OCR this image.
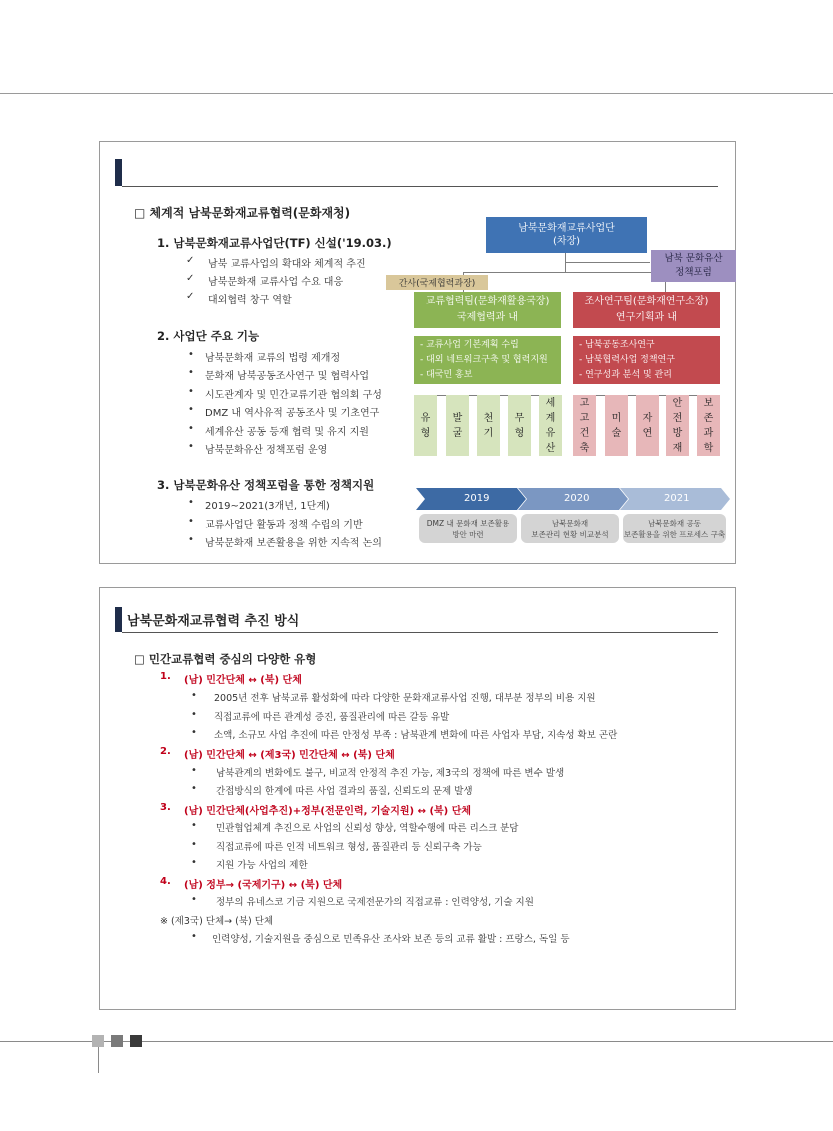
□ 체계적 남북문화재교류협력(문화재청)
1. 남북문화재교류사업단(TF) 신설('19.03.)
✓ 남북 교류사업의 확대와 체계적 추진
✓ 남북문화재 교류사업 수요 대응
✓ 대외협력 창구 역할
2. 사업단 주요 기능
• 남북문화재 교류의 법령 제개정
• 문화재 남북공동조사연구 및 협력사업
• 시도관계자 및 민간교류기관 협의회 구성
• DMZ 내 역사유적 공동조사 및 기초연구
• 세계유산 공동 등재 협력 및 유지 지원
• 남북문화유산 정책포럼 운영
3. 남북문화유산 정책포럼을 통한 정책지원
• 2019~2021(3개년, 1단계)
• 교류사업단 활동과 정책 수립의 기반
• 남북문화재 보존활용을 위한 지속적 논의
남북문화재교류사업단
(차장)
남북 문화유산
정책포럼
간사(국제협력과장)
교류협력팀(문화재활용국장)
국제협력과 내
조사연구팀(문화재연구소장)
연구기획과 내
- 교류사업 기본계획 수립
- 대외 네트워크구축 및 협력지원
- 대국민 홍보
- 남북공동조사연구
- 남북협력사업 정책연구
- 연구성과 분석 및 관리
유
형
발
굴
천
기
무
형
세
계
유
산
고
고
건
축
미
술
자
연
안
전
방
재
보
존
과
학
2019	2020	2021
DMZ 내 문화재 보존활용
방안 마련
남북문화재
보존관리 현황 비교분석
남북문화재 공동
보존활용을 위한 프로세스 구축
남북문화재교류협력 추진 방식
□ 민간교류협력 중심의 다양한 유형
1. (남) 민간단체 ↔ (북) 단체
• 2005년 전후 남북교류 활성화에 따라 다양한 문화재교류사업 진행, 대부분 정부의 비용 지원
• 직접교류에 따른 관계성 증진, 품질관리에 따른 갈등 유발
• 소액, 소규모 사업 추진에 따른 안정성 부족 : 남북관계 변화에 따른 사업자 부담, 지속성 확보 곤란
2. (남) 민간단체 ↔ (제3국) 민간단체 ↔ (북) 단체
• 남북관계의 변화에도 불구, 비교적 안정적 추진 가능, 제3국의 정책에 따른 변수 발생
• 간접방식의 한계에 따른 사업 결과의 품질, 신뢰도의 문제 발생
3. (남) 민간단체(사업추진)+정부(전문인력, 기술지원) ↔ (북) 단체
• 민관협업체계 추진으로 사업의 신뢰성 향상, 역할수행에 따른 리스크 분담
• 직접교류에 따른 인적 네트워크 형성, 품질관리 등 신뢰구축 가능
• 지원 가능 사업의 제한
4. (남) 정부→ (국제기구) ↔ (북) 단체
• 정부의 유네스코 기금 지원으로 국제전문가의 직접교류 : 인력양성, 기술 지원
※ (제3국) 단체→ (북) 단체
• 인력양성, 기술지원을 중심으로 민족유산 조사와 보존 등의 교류 활발 : 프랑스, 독일 등
